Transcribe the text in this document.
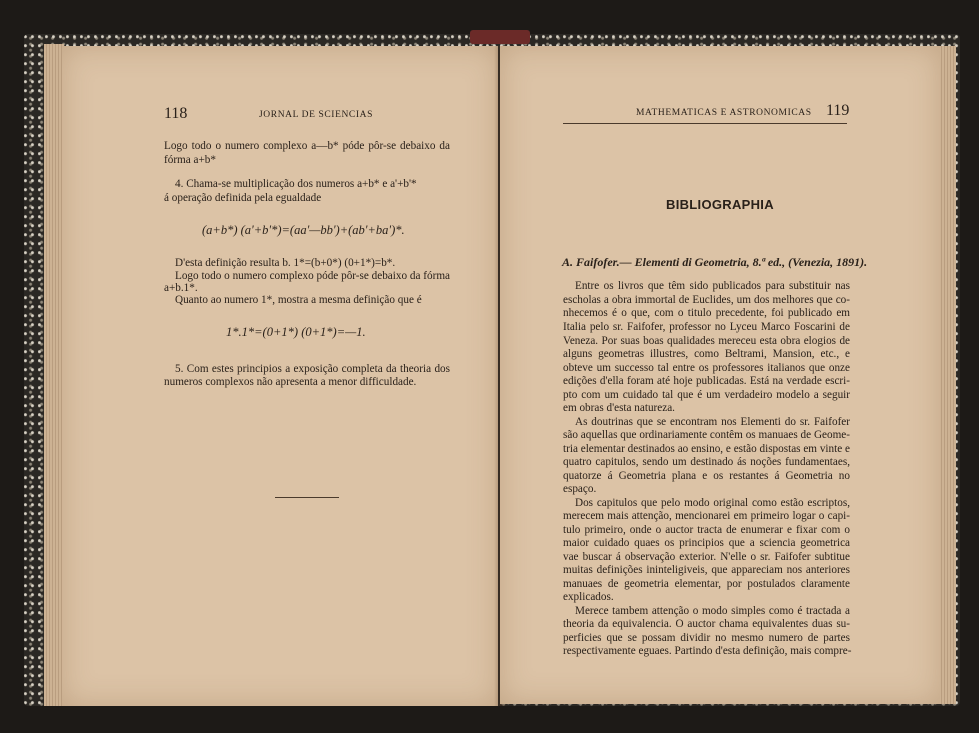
118	JORNAL DE SCIENCIAS
Logo todo o numero complexo a—b* póde pôr-se debaixo da
fórma a+b*
4. Chama-se multiplicação dos numeros a+b* e a'+b'*
á operação definida pela egualdade
(a+b*) (a'+b'*)=(aa'—bb')+(ab'+ba')*.
D'esta definição resulta b. 1*=(b+0*) (0+1*)=b*.
Logo todo o numero complexo póde pôr-se debaixo da fórma
a+b.1*.
Quanto ao numero 1*, mostra a mesma definição que é
1*.1*=(0+1*) (0+1*)=—1.
5. Com estes principios a exposição completa da theoria dos
numeros complexos não apresenta a menor difficuldade.
MATHEMATICAS E ASTRONOMICAS 119
BIBLIOGRAPHIA
A. Faifofer.— Elementi di Geometria, 8.ª ed., (Venezia, 1891).
Entre os livros que têm sido publicados para substituir nas
escholas a obra immortal de Euclides, um dos melhores que co-
nhecemos é o que, com o titulo precedente, foi publicado em
Italia pelo sr. Faifofer, professor no Lyceu Marco Foscarini de
Veneza. Por suas boas qualidades mereceu esta obra elogios de
alguns geometras illustres, como Beltrami, Mansion, etc., e
obteve um successo tal entre os professores italianos que onze
edições d'ella foram até hoje publicadas. Está na verdade escri-
pto com um cuidado tal que é um verdadeiro modelo a seguir
em obras d'esta natureza.
As doutrinas que se encontram nos Elementi do sr. Faifofer
são aquellas que ordinariamente contêm os manuaes de Geome-
tria elementar destinados ao ensino, e estão dispostas em vinte e
quatro capitulos, sendo um destinado ás noções fundamentaes,
quatorze á Geometria plana e os restantes á Geometria no
espaço.
Dos capitulos que pelo modo original como estão escriptos,
merecem mais attenção, mencionarei em primeiro logar o capi-
tulo primeiro, onde o auctor tracta de enumerar e fixar com o
maior cuidado quaes os principios que a sciencia geometrica
vae buscar á observação exterior. N'elle o sr. Faifofer subtitue
muitas definições ininteligiveis, que appareciam nos anteriores
manuaes de geometria elementar, por postulados claramente
explicados.
Merece tambem attenção o modo simples como é tractada a
theoria da equivalencia. O auctor chama equivalentes duas su-
perficies que se possam dividir no mesmo numero de partes
respectivamente eguaes. Partindo d'esta definição, mais compre-
